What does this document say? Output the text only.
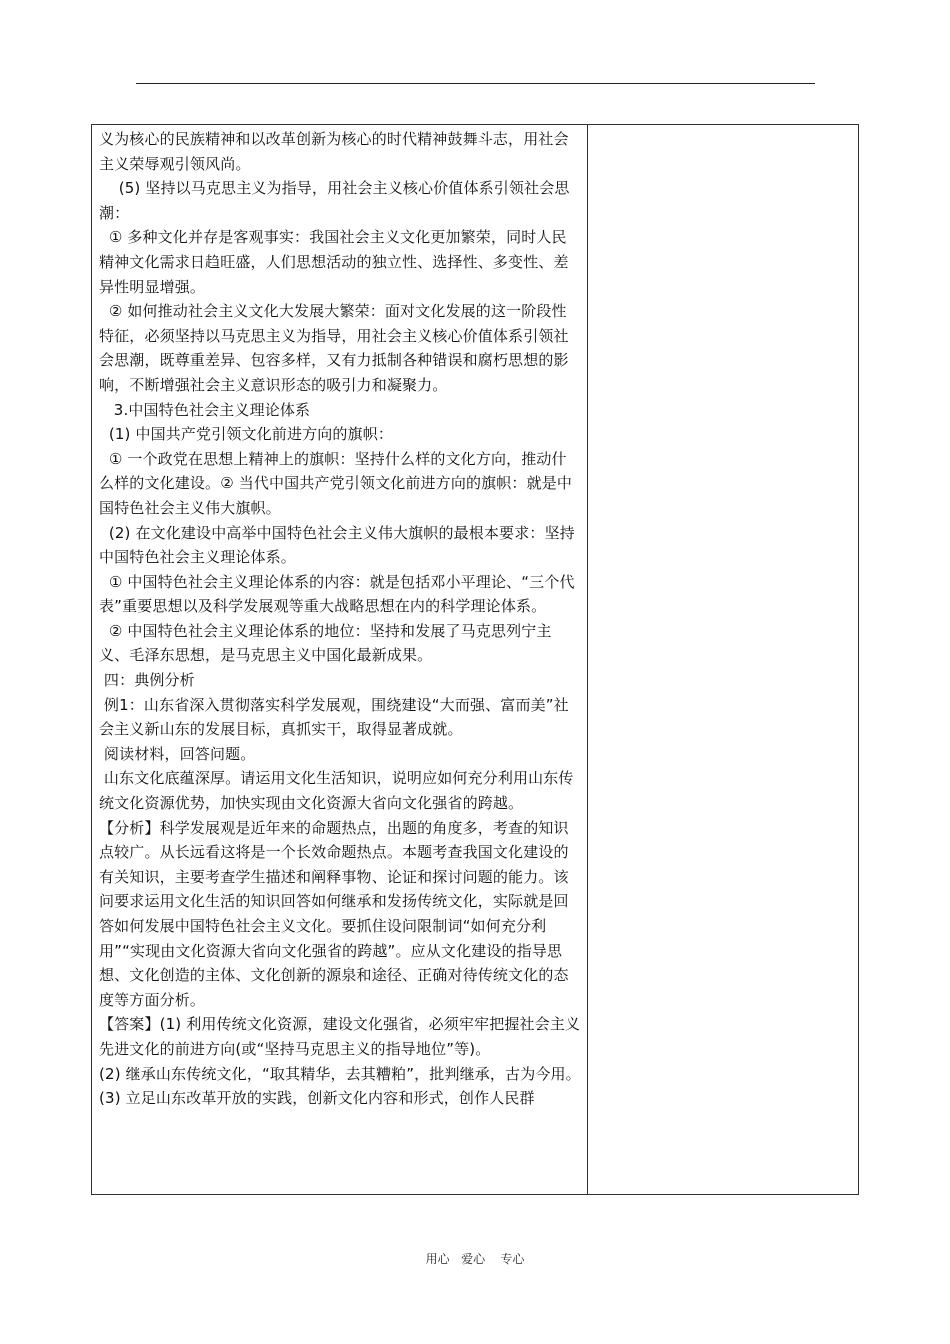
义为核心的民族精神和以改革创新为核心的时代精神鼓舞斗志，用社会主义荣辱观引领风尚。

(5) 坚持以马克思主义为指导，用社会主义核心价值体系引领社会思潮：

① 多种文化并存是客观事实：我国社会主义文化更加繁荣，同时人民精神文化需求日趋旺盛，人们思想活动的独立性、选择性、多变性、差异性明显增强。

② 如何推动社会主义文化大发展大繁荣：面对文化发展的这一阶段性特征，必须坚持以马克思主义为指导，用社会主义核心价值体系引领社会思潮，既尊重差异、包容多样，又有力抵制各种错误和腐朽思想的影响，不断增强社会主义意识形态的吸引力和凝聚力。

3.中国特色社会主义理论体系

(1) 中国共产党引领文化前进方向的旗帜：

① 一个政党在思想上精神上的旗帜：坚持什么样的文化方向，推动什么样的文化建设。② 当代中国共产党引领文化前进方向的旗帜：就是中国特色社会主义伟大旗帜。

(2) 在文化建设中高举中国特色社会主义伟大旗帜的最根本要求：坚持中国特色社会主义理论体系。

① 中国特色社会主义理论体系的内容：就是包括邓小平理论、“三个代表”重要思想以及科学发展观等重大战略思想在内的科学理论体系。

② 中国特色社会主义理论体系的地位：坚持和发展了马克思列宁主义、毛泽东思想，是马克思主义中国化最新成果。

四：典例分析

例1：山东省深入贯彻落实科学发展观，围绕建设“大而强、富而美”社会主义新山东的发展目标，真抓实干，取得显著成就。

阅读材料，回答问题。

山东文化底蕴深厚。请运用文化生活知识，说明应如何充分利用山东传统文化资源优势，加快实现由文化资源大省向文化强省的跨越。

【分析】科学发展观是近年来的命题热点，出题的角度多，考查的知识点较广。从长远看这将是一个长效命题热点。本题考查我国文化建设的有关知识，主要考查学生描述和阐释事物、论证和探讨问题的能力。该问要求运用文化生活的知识回答如何继承和发扬传统文化，实际就是回答如何发展中国特色社会主义文化。要抓住设问限制词“如何充分利用”“实现由文化资源大省向文化强省的跨越”。应从文化建设的指导思想、文化创造的主体、文化创新的源泉和途径、正确对待传统文化的态度等方面分析。

【答案】(1) 利用传统文化资源，建设文化强省，必须牢牢把握社会主义先进文化的前进方向(或“坚持马克思主义的指导地位”等)。

(2) 继承山东传统文化，“取其精华，去其糟粕”，批判继承，古为今用。

(3) 立足山东改革开放的实践，创新文化内容和形式，创作人民群

用心   爱心    专心
